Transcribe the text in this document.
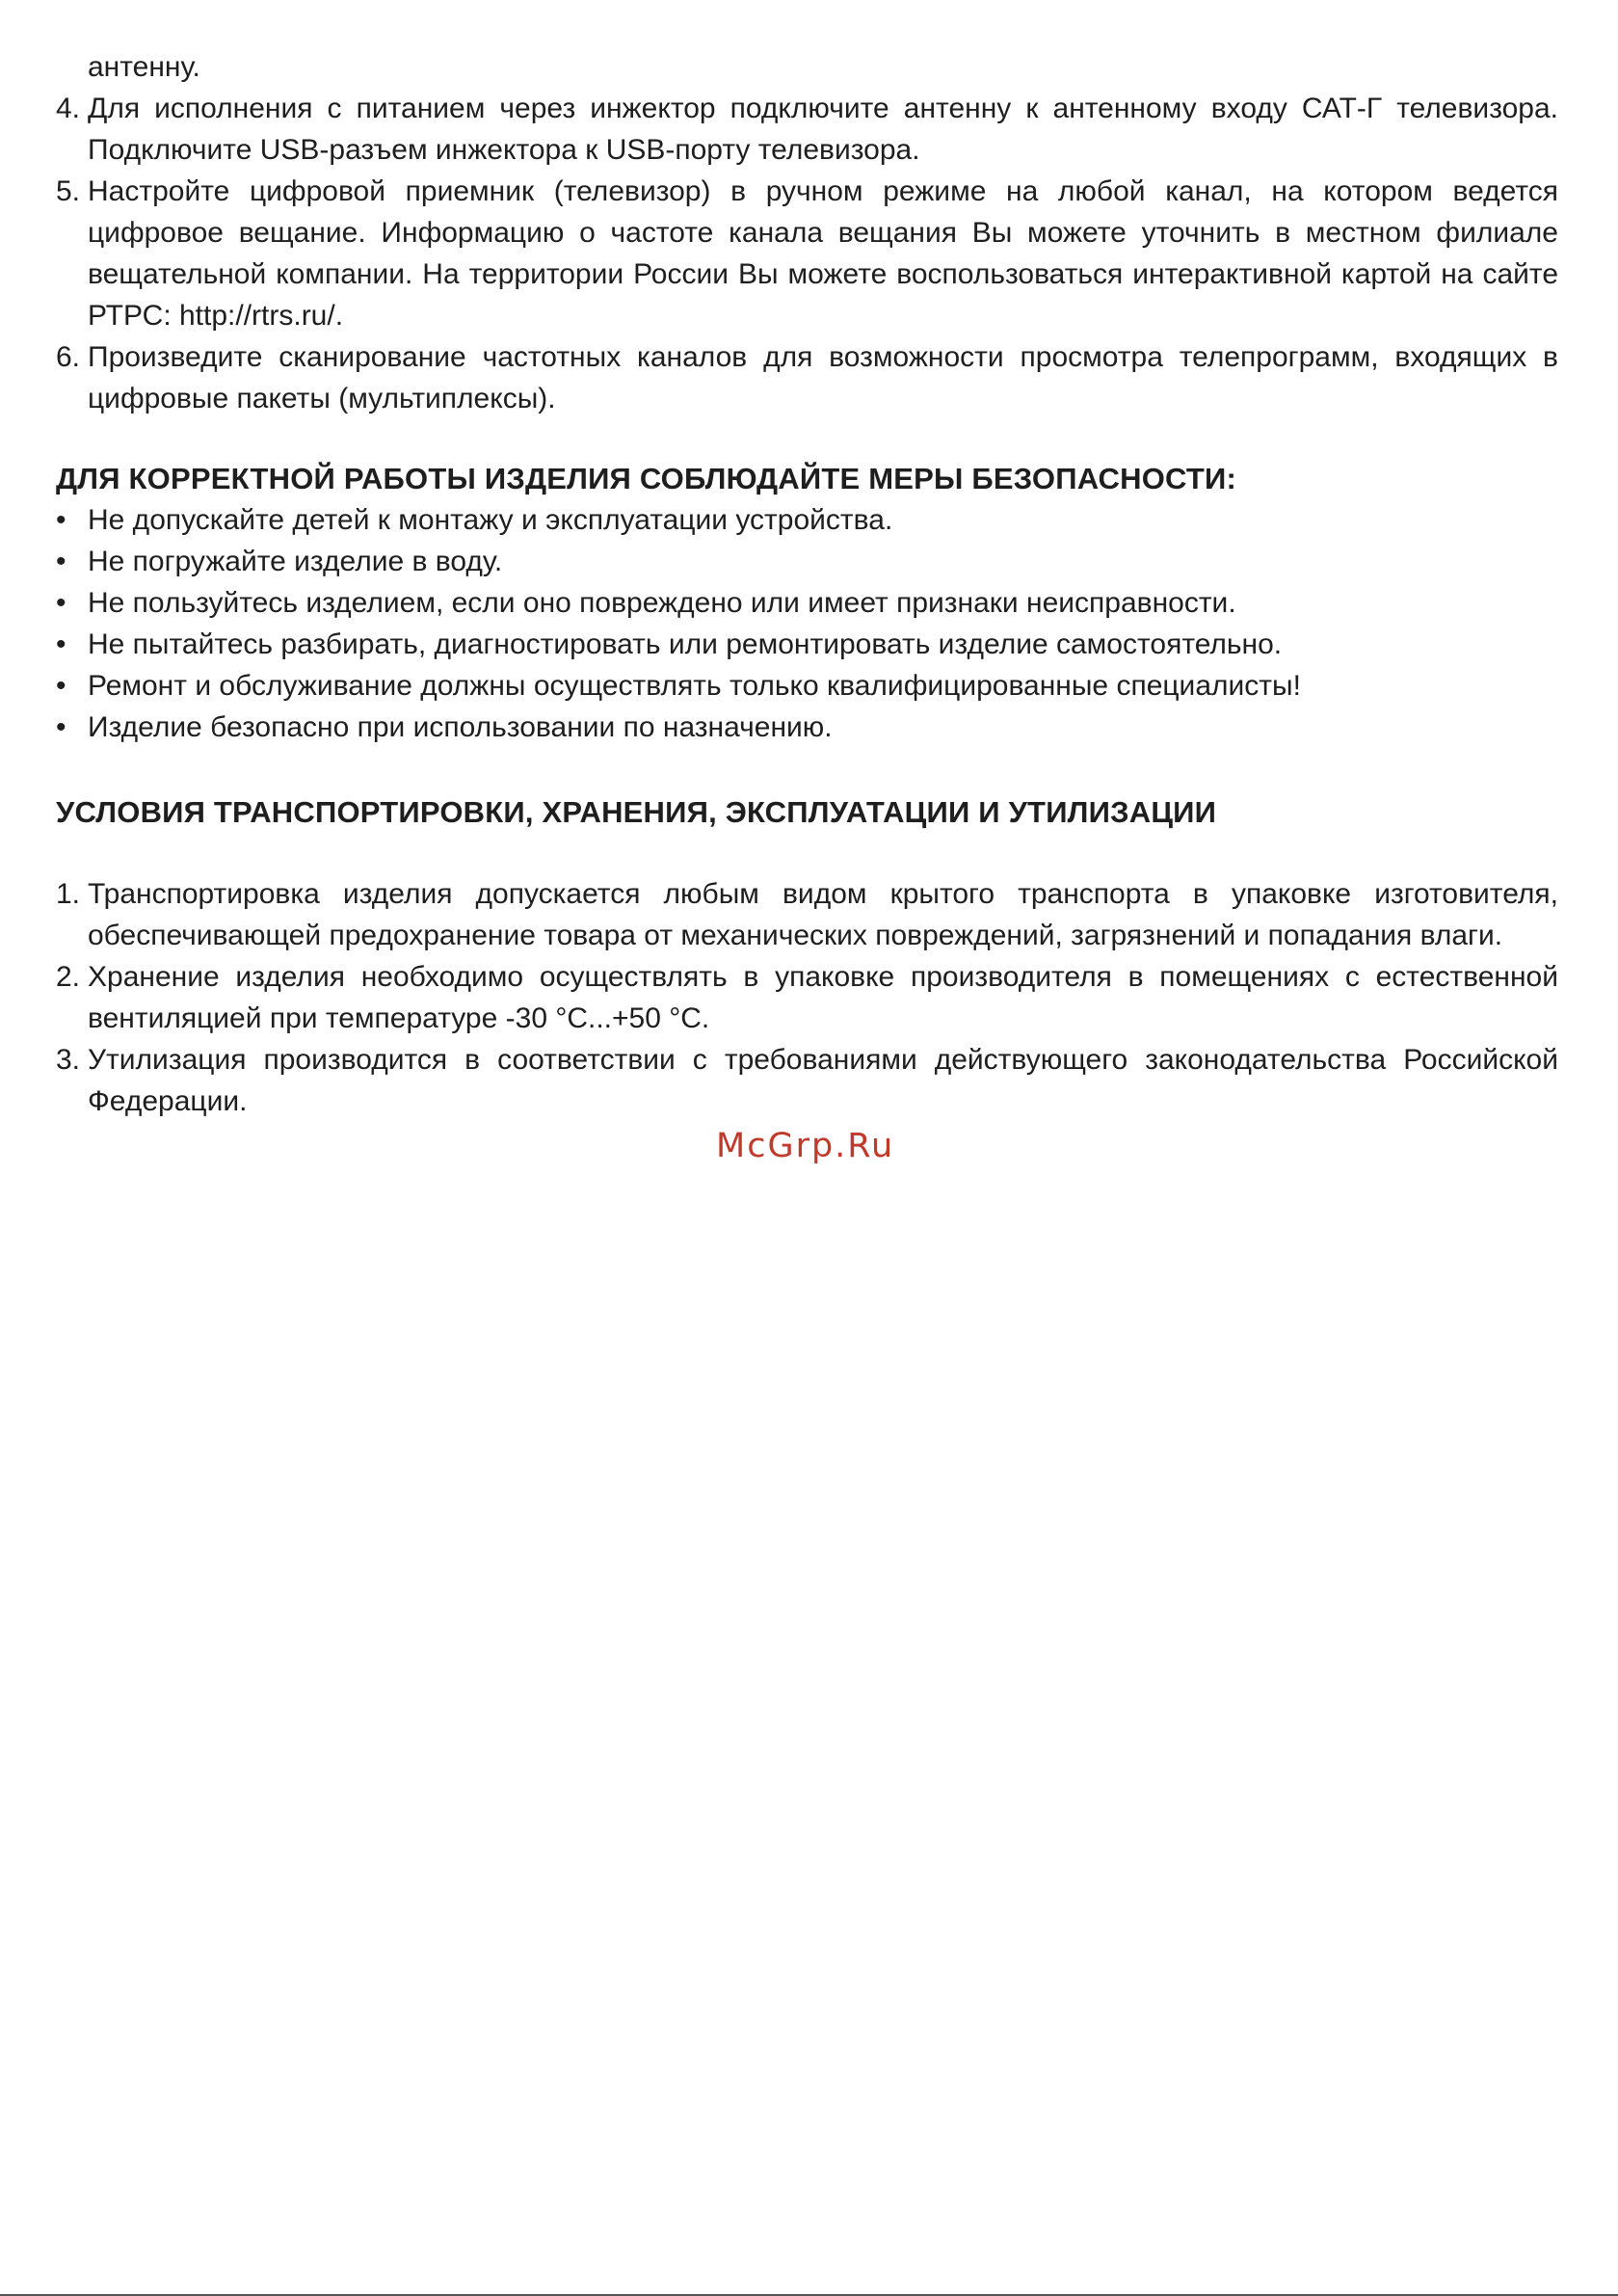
антенну.
4. Для исполнения с питанием через инжектор подключите антенну к антенному входу САТ-Г телевизора. Подключите USB-разъем инжектора к USB-порту телевизора.
5. Настройте цифровой приемник (телевизор) в ручном режиме на любой канал, на котором ведется цифровое вещание. Информацию о частоте канала вещания Вы можете уточнить в местном филиале вещательной компании. На территории России Вы можете воспользоваться интерактивной картой на сайте РТРС: http://rtrs.ru/.
6. Произведите сканирование частотных каналов для возможности просмотра телепрограмм, входящих в цифровые пакеты (мультиплексы).
ДЛЯ КОРРЕКТНОЙ РАБОТЫ ИЗДЕЛИЯ СОБЛЮДАЙТЕ МЕРЫ БЕЗОПАСНОСТИ:
• Не допускайте детей к монтажу и эксплуатации устройства.
• Не погружайте изделие в воду.
• Не пользуйтесь изделием, если оно повреждено или имеет признаки неисправности.
• Не пытайтесь разбирать, диагностировать или ремонтировать изделие самостоятельно.
• Ремонт и обслуживание должны осуществлять только квалифицированные специалисты!
• Изделие безопасно при использовании по назначению.
УСЛОВИЯ ТРАНСПОРТИРОВКИ, ХРАНЕНИЯ, ЭКСПЛУАТАЦИИ И УТИЛИЗАЦИИ
1. Транспортировка изделия допускается любым видом крытого транспорта в упаковке изготовителя, обеспечивающей предохранение товара от механических повреждений, загрязнений и попадания влаги.
2. Хранение изделия необходимо осуществлять в упаковке производителя в помещениях с естественной вентиляцией при температуре -30 °С...+50 °С.
3. Утилизация производится в соответствии с требованиями действующего законодательства Российской Федерации.
McGrp.Ru
